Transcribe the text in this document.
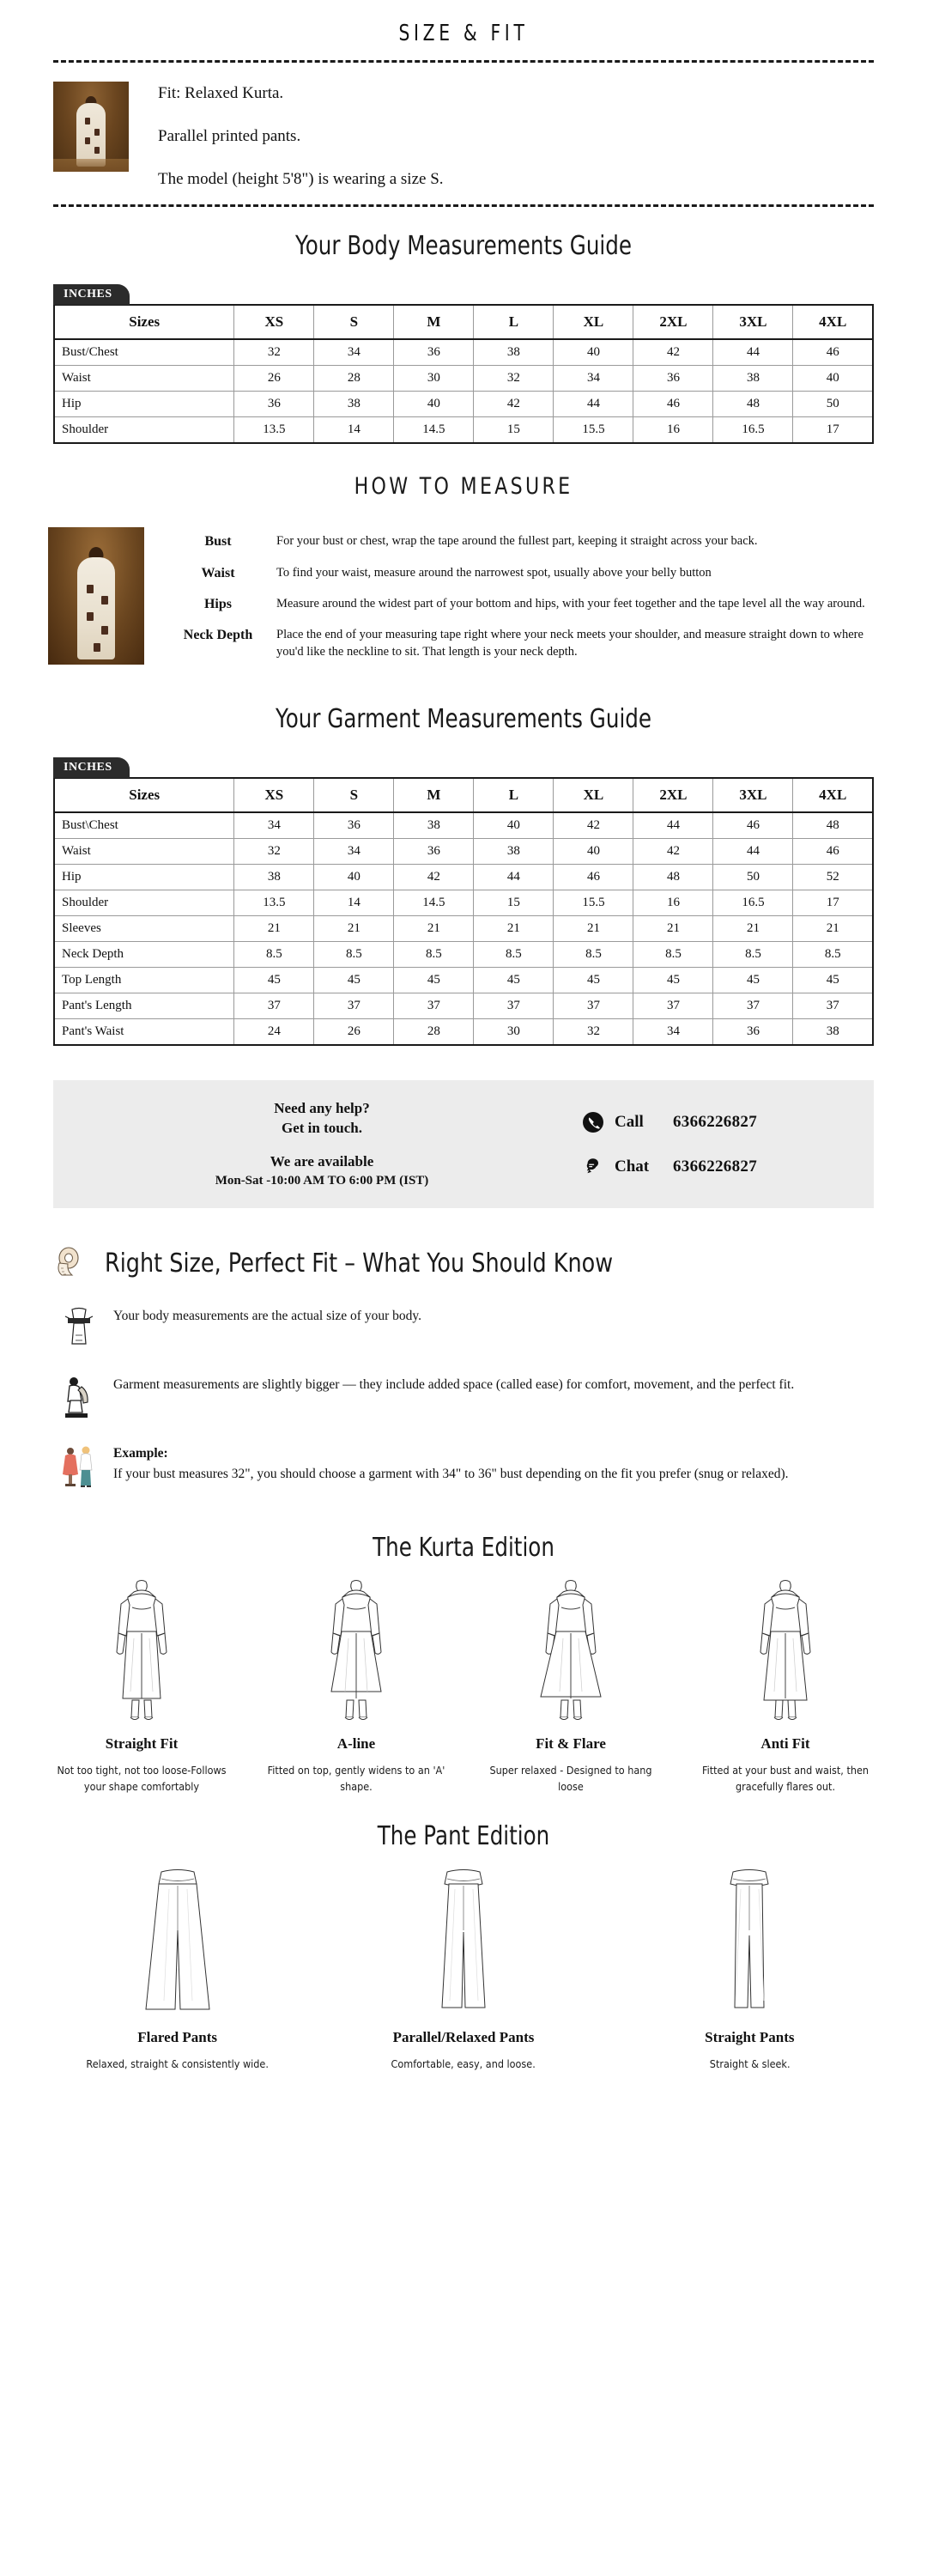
SIZE & FIT

Fit: Relaxed Kurta.

Parallel printed pants.

The model (height 5'8") is wearing a size S.

Your Body Measurements Guide
INCHES
Sizes	XS	S	M	L	XL	2XL	3XL	4XL
Bust/Chest	32	34	36	38	40	42	44	46
Waist	26	28	30	32	34	36	38	40
Hip	36	38	40	42	44	46	48	50
Shoulder	13.5	14	14.5	15	15.5	16	16.5	17
HOW TO MEASURE
Bust	For your bust or chest, wrap the tape around the fullest part, keeping it straight across your back.
Waist	To find your waist, measure around the narrowest spot, usually above your belly button
Hips	Measure around the widest part of your bottom and hips, with your feet together and the tape level all the way around.
Neck Depth	Place the end of your measuring tape right where your neck meets your shoulder, and measure straight down to where you'd like the neckline to sit. That length is your neck depth.
Your Garment Measurements Guide
INCHES
Sizes	XS	S	M	L	XL	2XL	3XL	4XL
Bust\Chest	34	36	38	40	42	44	46	48
Waist	32	34	36	38	40	42	44	46
Hip	38	40	42	44	46	48	50	52
Shoulder	13.5	14	14.5	15	15.5	16	16.5	17
Sleeves	21	21	21	21	21	21	21	21
Neck Depth	8.5	8.5	8.5	8.5	8.5	8.5	8.5	8.5
Top Length	45	45	45	45	45	45	45	45
Pant's Length	37	37	37	37	37	37	37	37
Pant's Waist	24	26	28	30	32	34	36	38
Need any help?
Get in touch.
We are available
Mon-Sat -10:00 AM TO 6:00 PM (IST)
Call	6366226827
Chat	6366226827
Right Size, Perfect Fit – What You Should Know
Your body measurements are the actual size of your body.
Garment measurements are slightly bigger — they include added space (called ease) for comfort, movement, and the perfect fit.
Example:
If your bust measures 32", you should choose a garment with 34" to 36" bust depending on the fit you prefer (snug or relaxed).
The Kurta Edition
Straight Fit
Not too tight, not too loose-Follows your shape comfortably
A-line
Fitted on top, gently widens to an 'A' shape.
Fit & Flare
Super relaxed - Designed to hang loose
Anti Fit
Fitted at your bust and waist, then gracefully flares out.
The Pant Edition
Flared Pants
Relaxed, straight & consistently wide.
Parallel/Relaxed Pants
Comfortable, easy, and loose.
Straight Pants
Straight & sleek.
